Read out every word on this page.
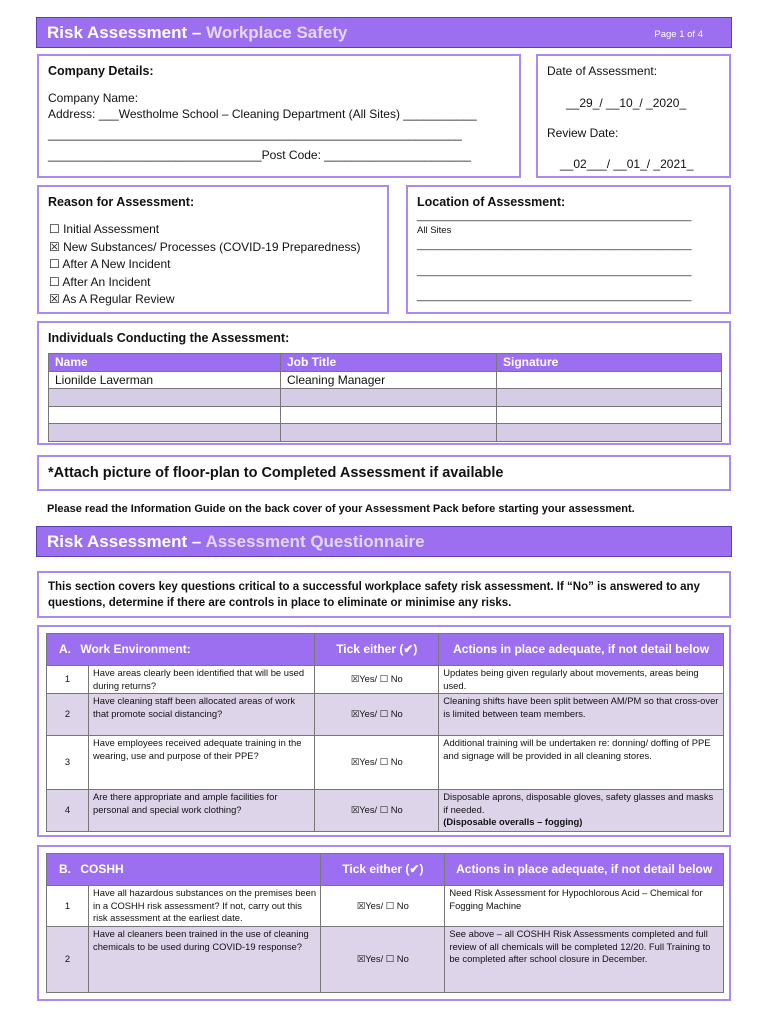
Risk Assessment – Workplace Safety	Page 1 of 4
Company Details:
Company Name:
Address: ___Westholme School – Cleaning Department (All Sites) ___________
______________________________________________________________
________________________________Post Code: ______________________
Date of Assessment:
__29_/ __10_/ _2020_
Review Date:
__02___/ __01_/ _2021_
Reason for Assessment:
☐ Initial Assessment
☒ New Substances/ Processes (COVID-19 Preparedness)
☐ After A New Incident
☐ After An Incident
☒ As A Regular Review
Location of Assessment:
_______________________________________________
All Sites
_______________________________________________
_______________________________________________
_______________________________________________
Individuals Conducting the Assessment:
Name	Job Title	Signature
Lionilde Laverman	Cleaning Manager	

*Attach picture of floor-plan to Completed Assessment if available
Please read the Information Guide on the back cover of your Assessment Pack before starting your assessment.
Risk Assessment – Assessment Questionnaire
This section covers key questions critical to a successful workplace safety risk assessment. If “No” is answered to any questions, determine if there are controls in place to eliminate or minimise any risks.
A. Work Environment:		Tick either (✔)	Actions in place adequate, if not detail below
1	Have areas clearly been identified that will be used during returns?	☒Yes/ ☐ No	Updates being given regularly about movements, areas being used.
2	Have cleaning staff been allocated areas of work that promote social distancing?	☒Yes/ ☐ No	Cleaning shifts have been split between AM/PM so that cross-over is limited between team members.
3	Have employees received adequate training in the wearing, use and purpose of their PPE?	☒Yes/ ☐ No	Additional training will be undertaken re: donning/ doffing of PPE and signage will be provided in all cleaning stores.
4	Are there appropriate and ample facilities for personal and special work clothing?	☒Yes/ ☐ No	Disposable aprons, disposable gloves, safety glasses and masks if needed.
(Disposable overalls – fogging)
B. COSHH		Tick either (✔)	Actions in place adequate, if not detail below
1	Have all hazardous substances on the premises been in a COSHH risk assessment? If not, carry out this risk assessment at the earliest date.	☒Yes/ ☐ No	Need Risk Assessment for Hypochlorous Acid – Chemical for Fogging Machine
2	Have al cleaners been trained in the use of cleaning chemicals to be used during COVID-19 response?	☒Yes/ ☐ No	See above – all COSHH Risk Assessments completed and full review of all chemicals will be completed 12/20. Full Training to be completed after school closure in December.
